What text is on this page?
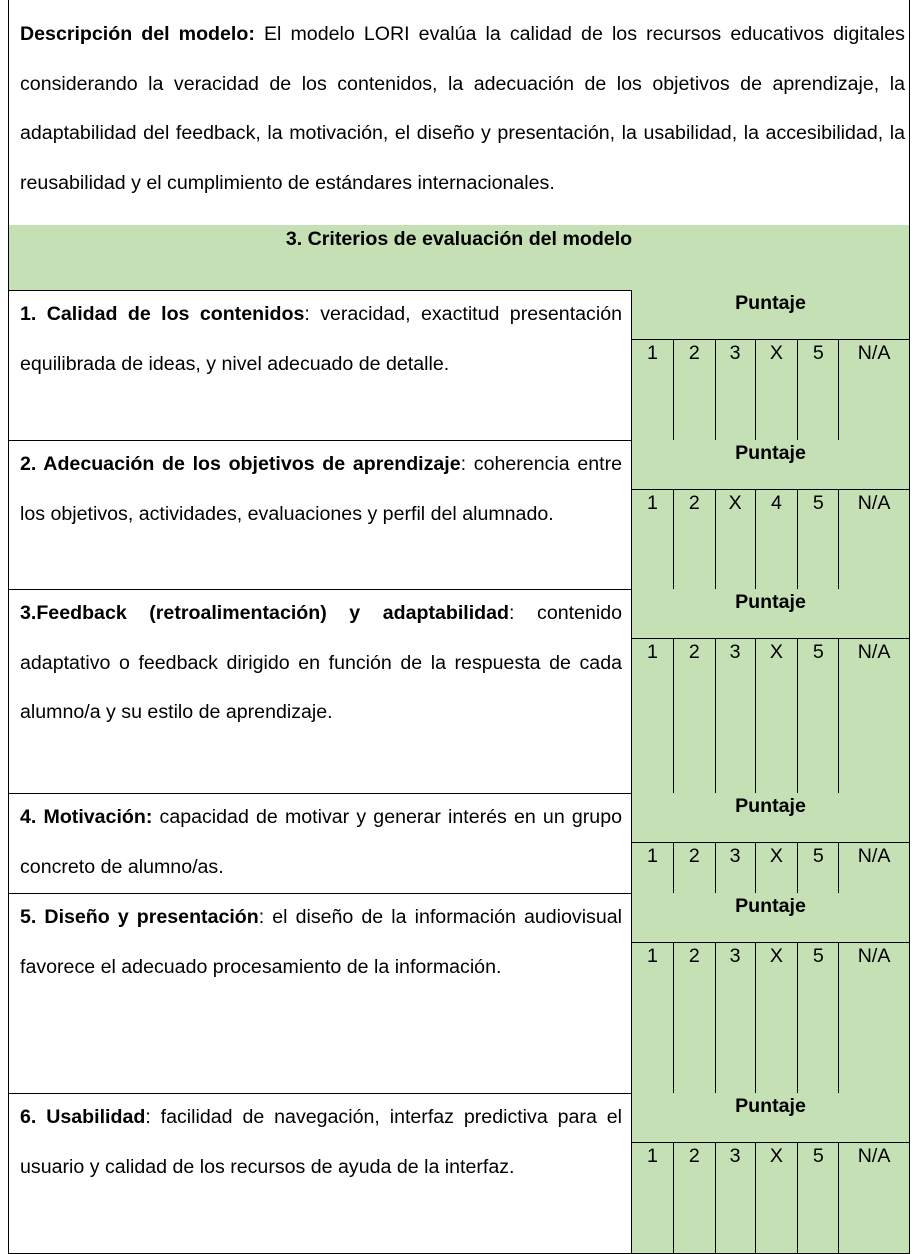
Descripción del modelo: El modelo LORI evalúa la calidad de los recursos educativos digitales considerando la veracidad de los contenidos, la adecuación de los objetivos de aprendizaje, la adaptabilidad del feedback, la motivación, el diseño y presentación, la usabilidad, la accesibilidad, la reusabilidad y el cumplimiento de estándares internacionales.

3. Criterios de evaluación del modelo

1. Calidad de los contenidos: veracidad, exactitud presentación equilibrada de ideas, y nivel adecuado de detalle.

Puntaje
1	2	3	X	5	N/A

2. Adecuación de los objetivos de aprendizaje: coherencia entre los objetivos, actividades, evaluaciones y perfil del alumnado.

Puntaje
1	2	X	4	5	N/A

3.Feedback (retroalimentación) y adaptabilidad: contenido adaptativo o feedback dirigido en función de la respuesta de cada alumno/a y su estilo de aprendizaje.

Puntaje
1	2	3	X	5	N/A

4. Motivación: capacidad de motivar y generar interés en un grupo concreto de alumno/as.

Puntaje
1	2	3	X	5	N/A

5. Diseño y presentación: el diseño de la información audiovisual favorece el adecuado procesamiento de la información.

Puntaje
1	2	3	X	5	N/A

6. Usabilidad: facilidad de navegación, interfaz predictiva para el usuario y calidad de los recursos de ayuda de la interfaz.

Puntaje
1	2	3	X	5	N/A
